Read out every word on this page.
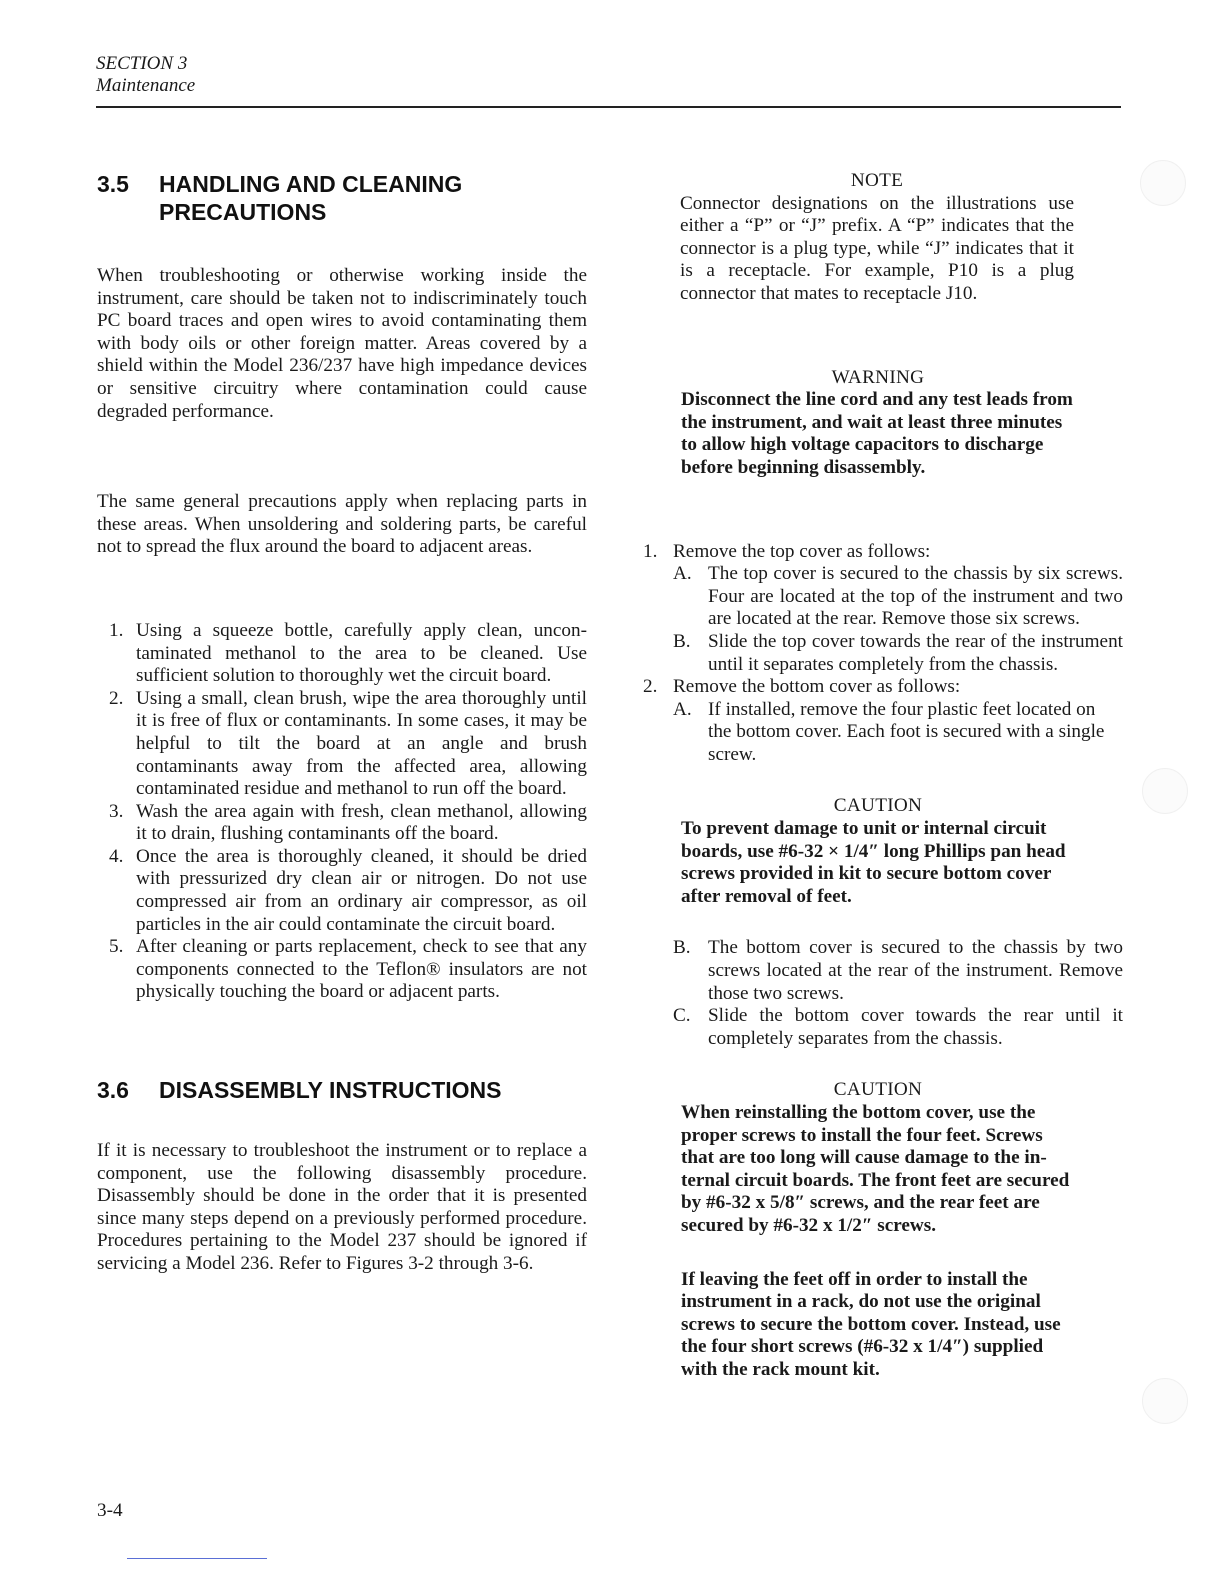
SECTION 3
Maintenance
3.5	HANDLING AND CLEANING
PRECAUTIONS

When troubleshooting or otherwise working inside the instrument, care should be taken not to indiscriminately touch PC board traces and open wires to avoid contaminating them with body oils or other foreign matter. Areas covered by a shield within the Model 236/237 have high impedance devices or sensitive circuitry where contamination could cause degraded performance.

The same general precautions apply when replacing parts in these areas. When unsoldering and soldering parts, be careful not to spread the flux around the board to adjacent areas.

1. Using a squeeze bottle, carefully apply clean, uncontaminated methanol to the area to be cleaned. Use sufficient solution to thoroughly wet the circuit board.
2. Using a small, clean brush, wipe the area thoroughly until it is free of flux or contaminants. In some cases, it may be helpful to tilt the board at an angle and brush contaminants away from the affected area, allowing contaminated residue and methanol to run off the board.
3. Wash the area again with fresh, clean methanol, allowing it to drain, flushing contaminants off the board.
4. Once the area is thoroughly cleaned, it should be dried with pressurized dry clean air or nitrogen. Do not use compressed air from an ordinary air compressor, as oil particles in the air could contaminate the circuit board.
5. After cleaning or parts replacement, check to see that any components connected to the Teflon® insulators are not physically touching the board or adjacent parts.
3.6	DISASSEMBLY INSTRUCTIONS

If it is necessary to troubleshoot the instrument or to replace a component, use the following disassembly procedure. Disassembly should be done in the order that it is presented since many steps depend on a previously performed procedure. Procedures pertaining to the Model 237 should be ignored if servicing a Model 236. Refer to Figures 3-2 through 3-6.

NOTE

Connector designations on the illustrations use either a “P” or “J” prefix. A “P” indicates that the connector is a plug type, while “J” indicates that it is a receptacle. For example, P10 is a plug connector that mates to receptacle J10.

WARNING

Disconnect the line cord and any test leads from the instrument, and wait at least three minutes to allow high voltage capacitors to discharge before beginning disassembly.

1. Remove the top cover as follows:
A. The top cover is secured to the chassis by six screws. Four are located at the top of the instrument and two are located at the rear. Remove those six screws.
B. Slide the top cover towards the rear of the instrument until it separates completely from the chassis.
2. Remove the bottom cover as follows:
A. If installed, remove the four plastic feet located on the bottom cover. Each foot is secured with a single screw.

CAUTION

To prevent damage to unit or internal circuit boards, use #6-32 × 1/4″ long Phillips pan head screws provided in kit to secure bottom cover after removal of feet.

B. The bottom cover is secured to the chassis by two screws located at the rear of the instrument. Remove those two screws.
C. Slide the bottom cover towards the rear until it completely separates from the chassis.

CAUTION

When reinstalling the bottom cover, use the proper screws to install the four feet. Screws that are too long will cause damage to the internal circuit boards. The front feet are secured by #6-32 x 5/8″ screws, and the rear feet are secured by #6-32 x 1/2″ screws.

If leaving the feet off in order to install the instrument in a rack, do not use the original screws to secure the bottom cover. Instead, use the four short screws (#6-32 x 1/4″) supplied with the rack mount kit.

3-4
